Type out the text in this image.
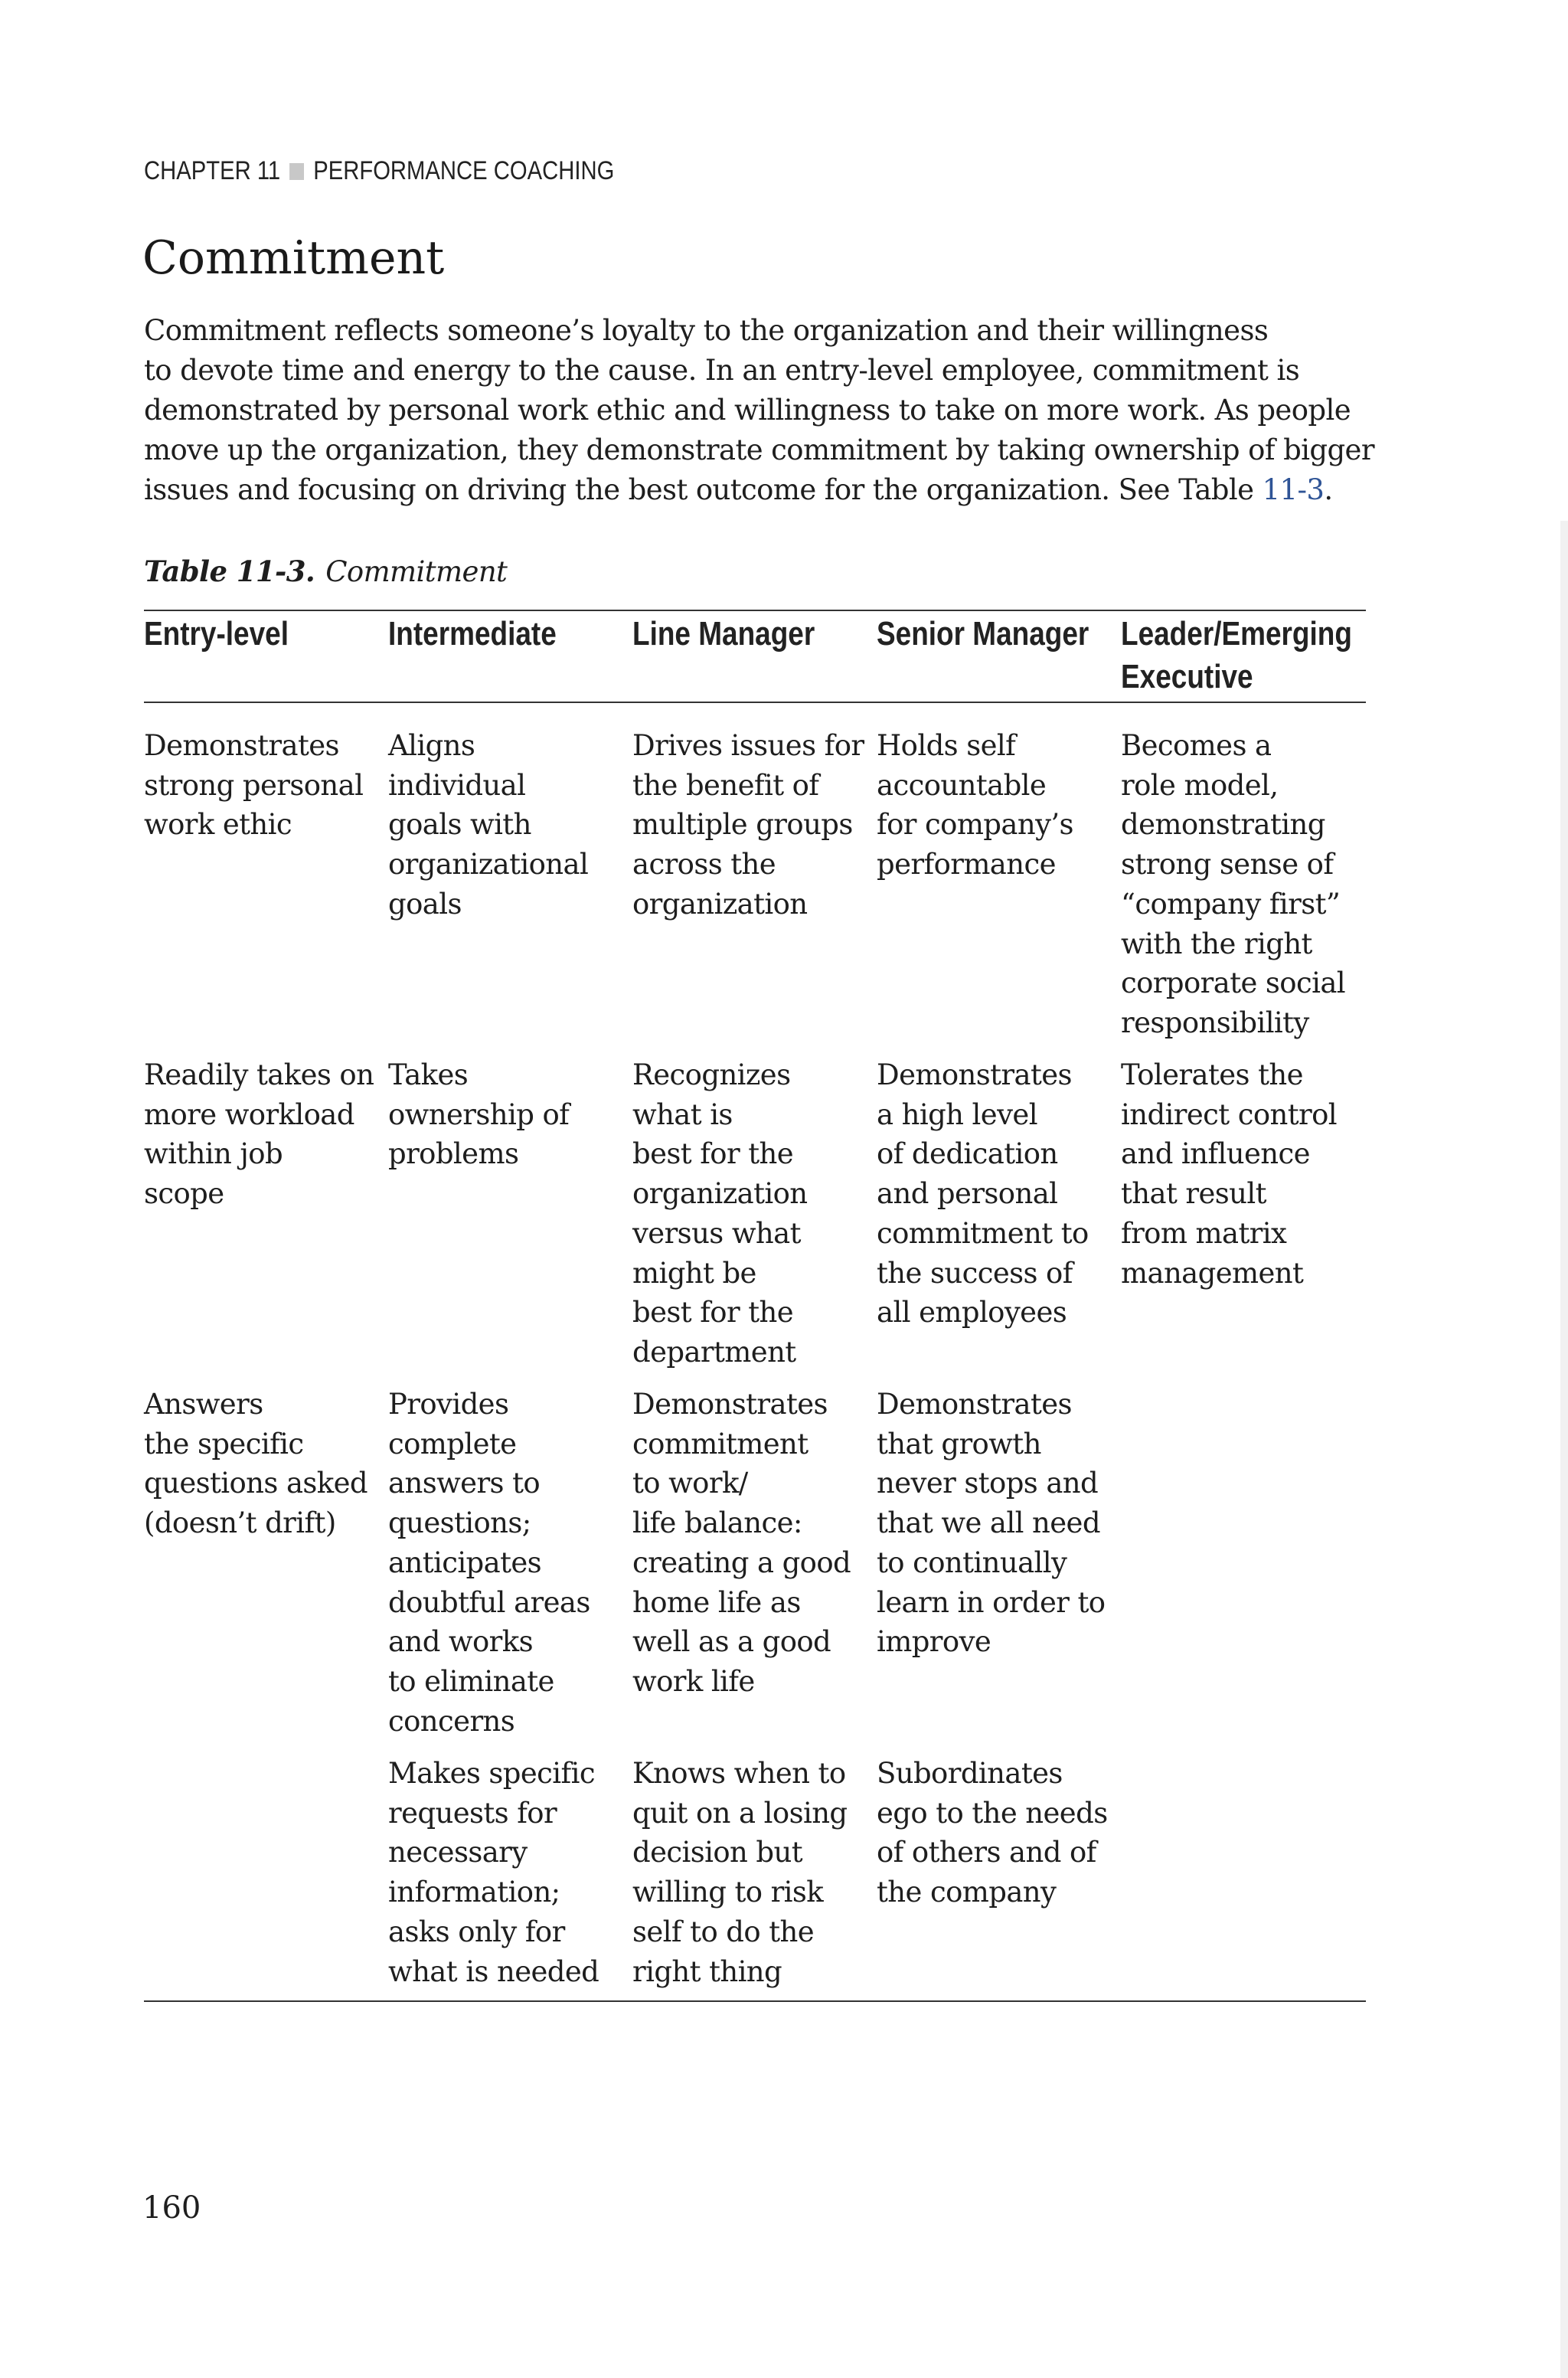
CHAPTER 11 PERFORMANCE COACHING
Commitment
Commitment reflects someone’s loyalty to the organization and their willingness
to devote time and energy to the cause. In an entry-level employee, commitment is
demonstrated by personal work ethic and willingness to take on more work. As people
move up the organization, they demonstrate commitment by taking ownership of bigger
issues and focusing on driving the best outcome for the organization. See Table 11-3.
Table 11-3. Commitment
Entry-level	Intermediate Line Manager Senior Manager Leader/Emerging
Executive
Demonstrates
strong personal
work ethic
Aligns
individual
goals with
organizational
goals
Drives issues for
the benefit of
multiple groups
across the
organization
Holds self
accountable
for company’s
performance
Becomes a
role model,
demonstrating
strong sense of
“company first”
with the right
corporate social
responsibility
Readily takes on
more workload
within job
scope
Takes
ownership of
problems
Recognizes
what is
best for the
organization
versus what
might be
best for the
department
Demonstrates
a high level
of dedication
and personal
commitment to
the success of
all employees
Tolerates the
indirect control
and influence
that result
from matrix
management
Answers
the specific
questions asked
(doesn’t drift)
Provides
complete
answers to
questions;
anticipates
doubtful areas
and works
to eliminate
concerns
Demonstrates
commitment
to work/
life balance:
creating a good
home life as
well as a good
work life
Demonstrates
that growth
never stops and
that we all need
to continually
learn in order to
improve
Makes specific
requests for
necessary
information;
asks only for
what is needed
Knows when to
quit on a losing
decision but
willing to risk
self to do the
right thing
Subordinates
ego to the needs
of others and of
the company
160
